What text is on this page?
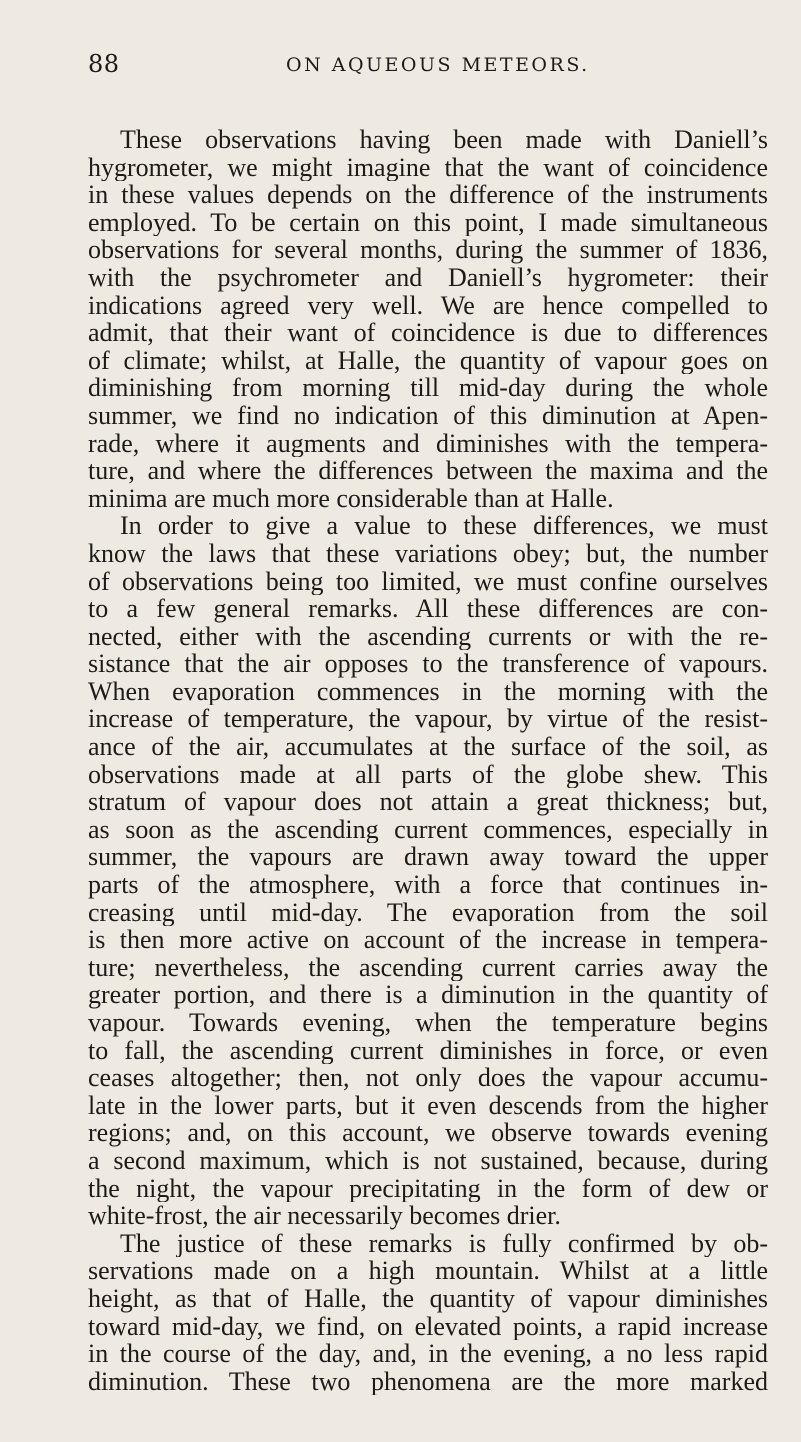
88	ON AQUEOUS METEORS.
These observations having been made with Daniell’s
hygrometer, we might imagine that the want of coincidence
in these values depends on the difference of the instruments
employed. To be certain on this point, I made simultaneous
observations for several months, during the summer of 1836,
with the psychrometer and Daniell’s hygrometer: their
indications agreed very well. We are hence compelled to
admit, that their want of coincidence is due to differences
of climate; whilst, at Halle, the quantity of vapour goes on
diminishing from morning till mid-day during the whole
summer, we find no indication of this diminution at Apen-
rade, where it augments and diminishes with the tempera-
ture, and where the differences between the maxima and the
minima are much more considerable than at Halle.
In order to give a value to these differences, we must
know the laws that these variations obey; but, the number
of observations being too limited, we must confine ourselves
to a few general remarks. All these differences are con-
nected, either with the ascending currents or with the re-
sistance that the air opposes to the transference of vapours.
When evaporation commences in the morning with the
increase of temperature, the vapour, by virtue of the resist-
ance of the air, accumulates at the surface of the soil, as
observations made at all parts of the globe shew. This
stratum of vapour does not attain a great thickness; but,
as soon as the ascending current commences, especially in
summer, the vapours are drawn away toward the upper
parts of the atmosphere, with a force that continues in-
creasing until mid-day. The evaporation from the soil
is then more active on account of the increase in tempera-
ture; nevertheless, the ascending current carries away the
greater portion, and there is a diminution in the quantity of
vapour. Towards evening, when the temperature begins
to fall, the ascending current diminishes in force, or even
ceases altogether; then, not only does the vapour accumu-
late in the lower parts, but it even descends from the higher
regions; and, on this account, we observe towards evening
a second maximum, which is not sustained, because, during
the night, the vapour precipitating in the form of dew or
white-frost, the air necessarily becomes drier.
The justice of these remarks is fully confirmed by ob-
servations made on a high mountain. Whilst at a little
height, as that of Halle, the quantity of vapour diminishes
toward mid-day, we find, on elevated points, a rapid increase
in the course of the day, and, in the evening, a no less rapid
diminution. These two phenomena are the more marked
